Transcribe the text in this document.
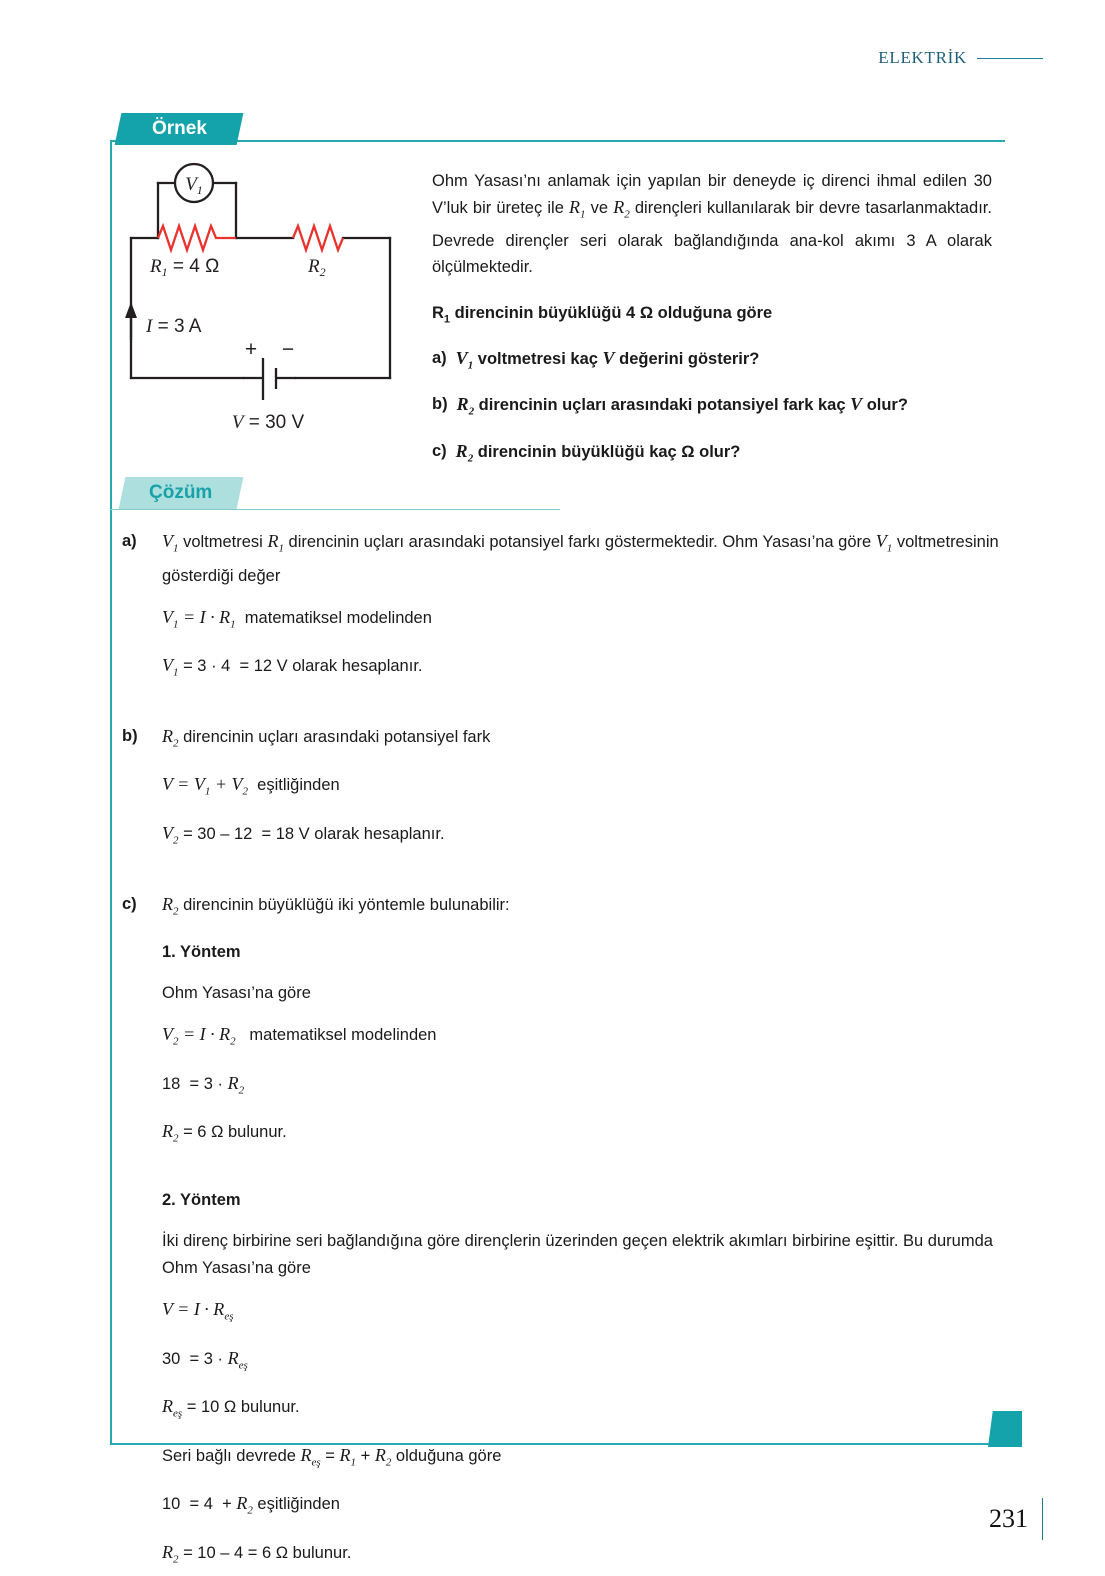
ELEKTRİK
Örnek
Çözüm
$V_1$
+ −
$R_1 = 4$ Ω	$R_2$
I = 3 A
V = 30 V

Ohm Yasası’nı anlamak için yapılan bir deneyde iç direnci ihmal edilen 30 V’luk bir üreteç ile $R_1$ ve $R_2$ dirençleri kullanılarak bir devre tasarlanmaktadır. Devrede dirençler seri olarak bağlandığında ana-kol akımı 3 A olarak ölçülmektedir.

$R_1$ direncinin büyüklüğü 4 Ω olduğuna göre

a) $V_1$ voltmetresi kaç V değerini gösterir?

b) $R_2$ direncinin uçları arasındaki potansiyel fark kaç V olur?

c) $R_2$ direncinin büyüklüğü kaç Ω olur?

a)	$V_1$ voltmetresi $R_1$ direncinin uçları arasındaki potansiyel farkı göstermektedir. Ohm Yasası’na göre $V_1$ voltmetresinin gösterdiği değer

$V_1 = I \cdot R_1$  matematiksel modelinden

$V_1 = 3 \cdot 4 = 12$ V olarak hesaplanır.

b)	$R_2$ direncinin uçları arasındaki potansiyel fark

$V = V_1 + V_2$  eşitliğinden

$V_2 = 30 - 12 = 18$ V olarak hesaplanır.

c)	$R_2$ direncinin büyüklüğü iki yöntemle bulunabilir:

1. Yöntem

Ohm Yasası’na göre

$V_2 = I \cdot R_2$   matematiksel modelinden

$18 = 3 \cdot R_2$

$R_2 = 6$ Ω bulunur.

2. Yöntem

İki direnç birbirine seri bağlandığına göre dirençlerin üzerinden geçen elektrik akımları birbirine eşittir. Bu durumda Ohm Yasası’na göre

$V = I \cdot R_{eş}$

$30 = 3 \cdot R_{eş}$

$R_{eş} = 10$ Ω bulunur.

Seri bağlı devrede $R_{eş} = R_1 + R_2$ olduğuna göre

$10 = 4 + R_2$ eşitliğinden

$R_2 = 10 - 4 = 6$ Ω bulunur.

231
